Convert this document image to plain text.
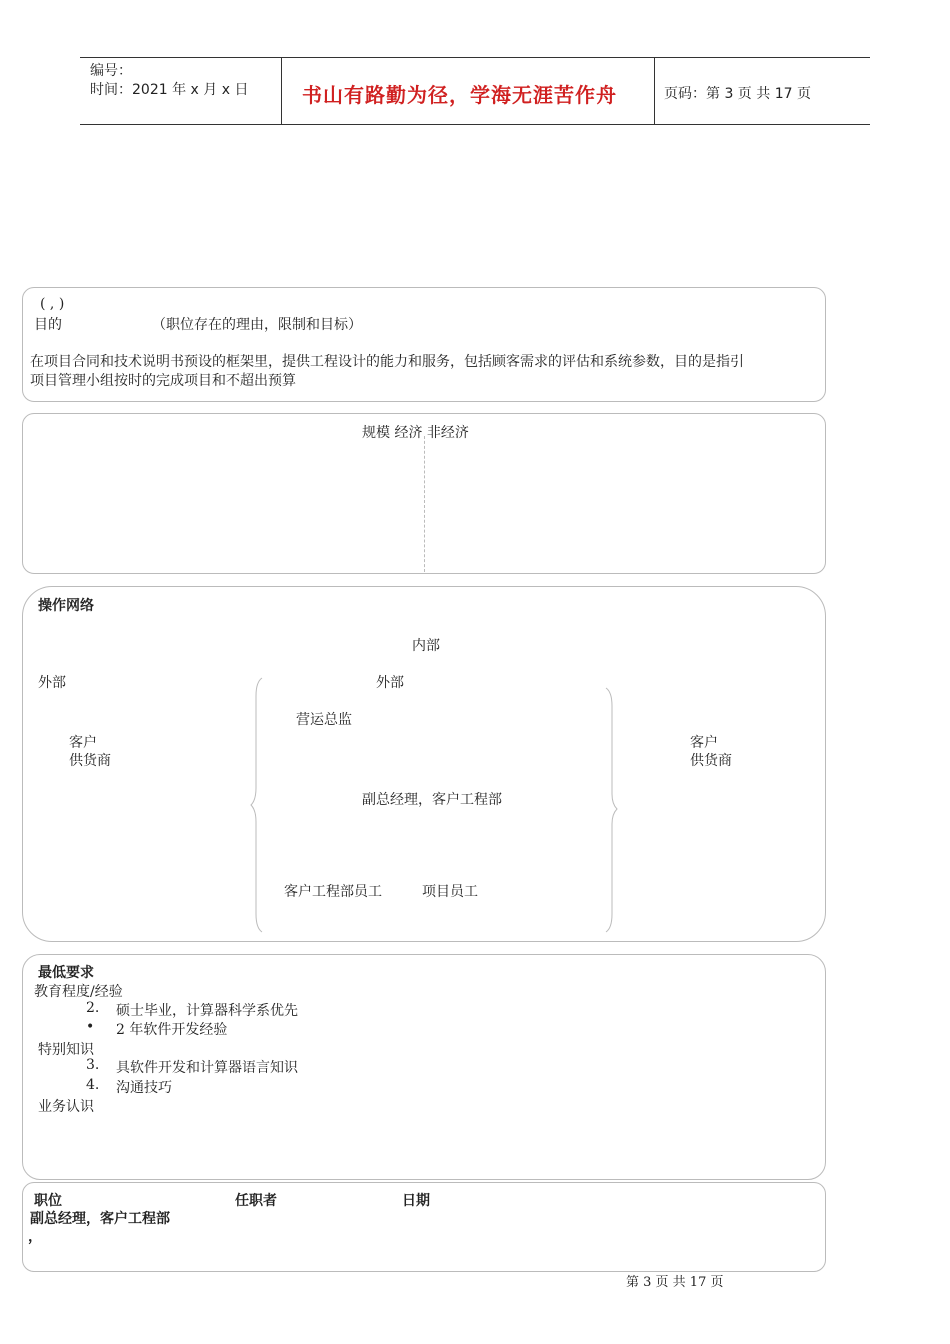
编号：
时间：2021 年 x 月 x 日	书山有路勤为径，学海无涯苦作舟	页码：第 3 页 共 17 页
( , )
目的	（职位存在的理由，限制和目标）
在项目合同和技术说明书预设的框架里，提供工程设计的能力和服务，包括顾客需求的评估和系统参数，目的是指引
项目管理小组按时的完成项目和不超出预算
规模 经济 非经济
操作网络
内部
外部	外部
客户
供货商
客户
供货商
营运总监
副总经理，客户工程部
客户工程部员工	项目员工
最低要求
教育程度/经验
2. 硕士毕业，计算器科学系优先
• 2 年软件开发经验
特别知识
3. 具软件开发和计算器语言知识
4. 沟通技巧
业务认识
职位	任职者	日期
副总经理，客户工程部
，
第 3 页 共 17 页
